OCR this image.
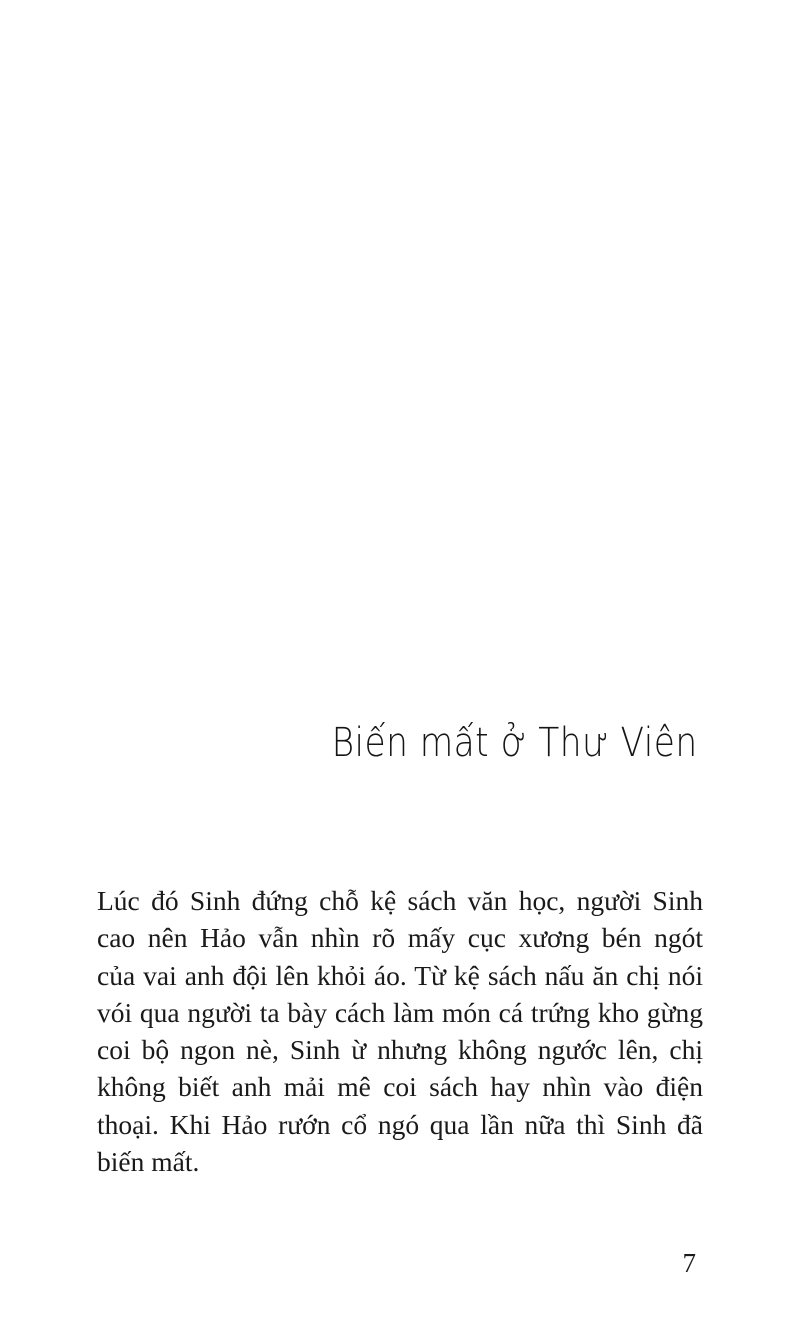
Biến mất ở Thư Viên
Lúc đó Sinh đứng chỗ kệ sách văn học, người Sinh
cao nên Hảo vẫn nhìn rõ mấy cục xương bén ngót
của vai anh đội lên khỏi áo. Từ kệ sách nấu ăn chị nói
vói qua người ta bày cách làm món cá trứng kho gừng
coi bộ ngon nè, Sinh ừ nhưng không ngước lên, chị
không biết anh mải mê coi sách hay nhìn vào điện
thoại. Khi Hảo rướn cổ ngó qua lần nữa thì Sinh đã
biến mất.
7
